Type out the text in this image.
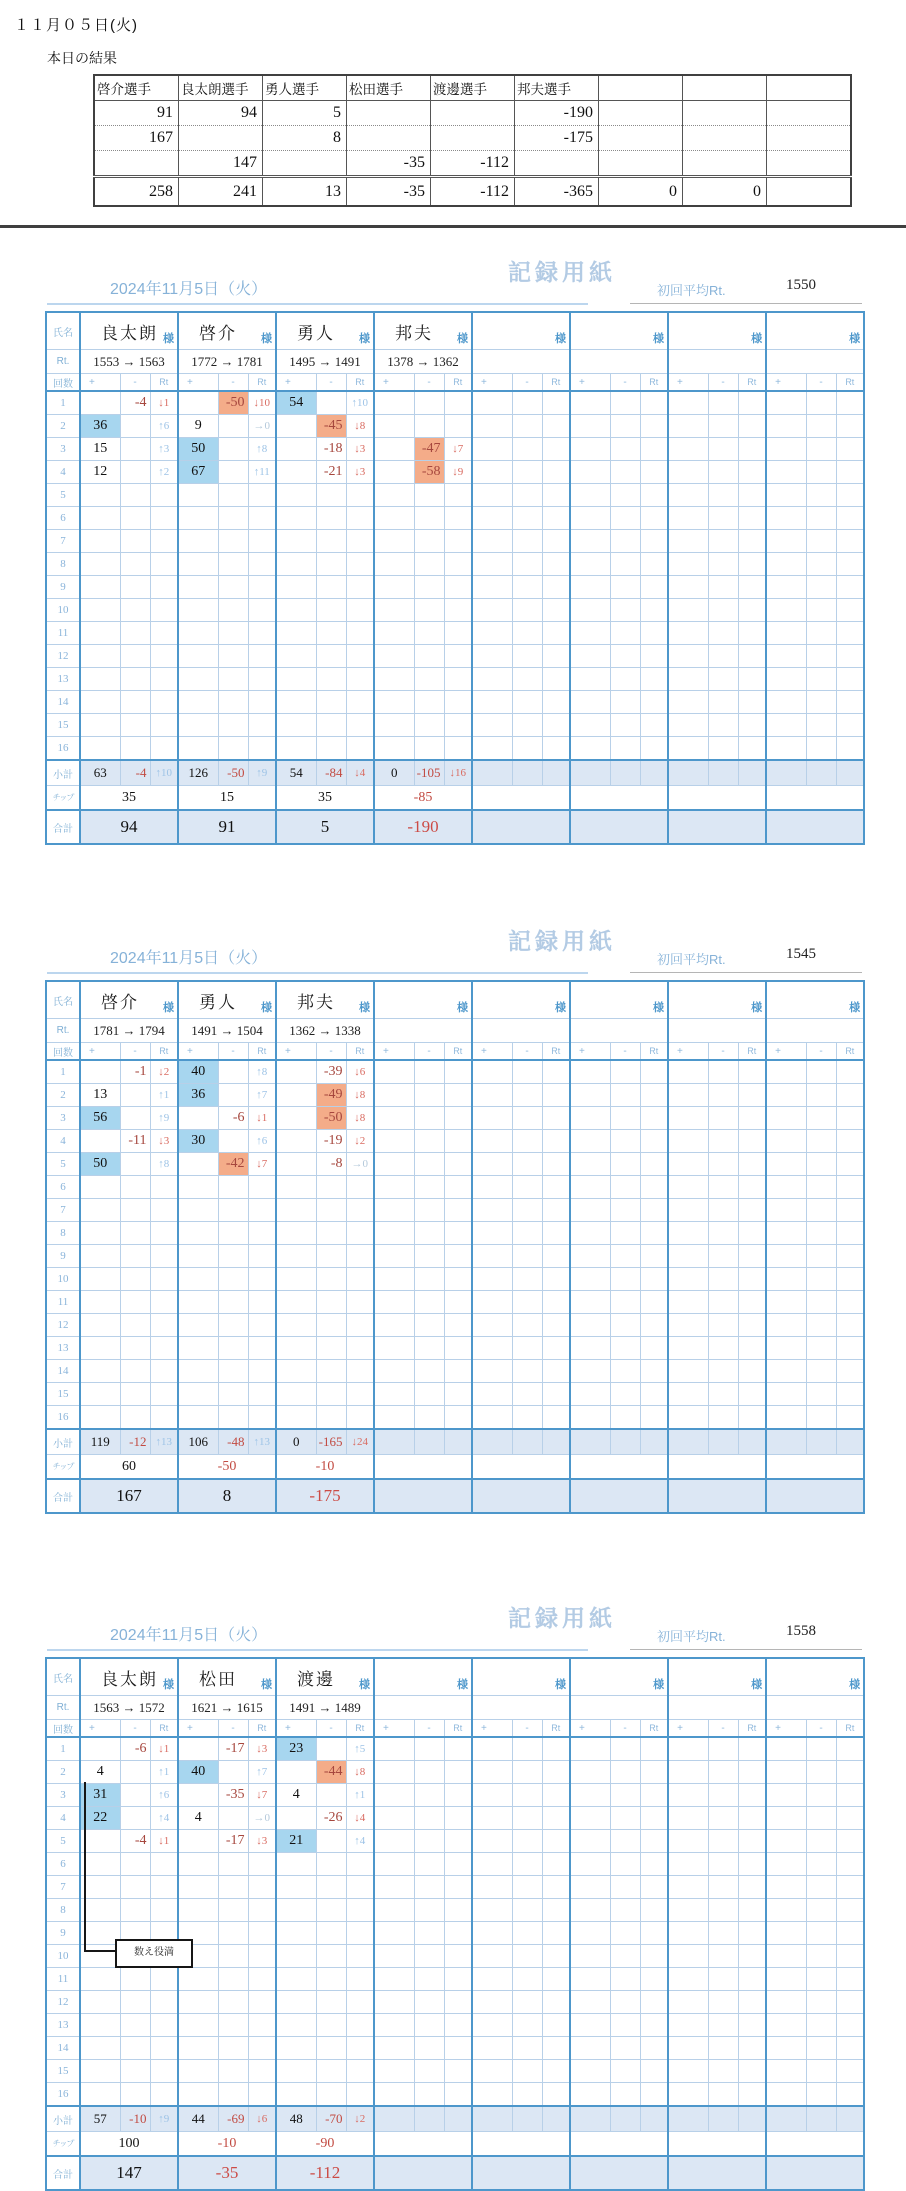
１１月０５日(火)
本日の結果
啓介選手	良太朗選手	勇人選手	松田選手	渡邊選手	邦夫選手			
91	94	5			-190			
167		8			-175			
	147		-35	-112				
258	241	13	-35	-112	-365	0	0	
記録用紙
2024年11月5日（火）	初回平均Rt.	1550
氏名	良太朗 様			啓介 様			勇人 様			邦夫 様			様			様			様			様		

Rt.	1553 → 1563			1772 → 1781			1495 → 1491			1378 → 1362														
回数	+	-	Rt	+	-	Rt	+	-	Rt	+	-	Rt	+	-	Rt	+	-	Rt	+	-	Rt	+	-	Rt
1		-4	↓1		-50	↓10	54		↑10															
2	36		↑6	9		→0		-45	↓8															
3	15		↑3	50		↑8		-18	↓3		-47	↓7												
4	12		↑2	67		↑11		-21	↓3		-58	↓9												
5																								
6																								
7																								
8																								
9																								
10																								
11																								
12																								
13																								
14																								
15																								
16																								
小計	63	-4	↑10	126	-50	↑9	54	-84	↓4	0	-105	↓16												
チップ	35			15			35			-85														
合計	94			91			5			-190														
記録用紙
2024年11月5日（火）	初回平均Rt.	1545
氏名	啓介 様			勇人 様			邦夫 様			様			様			様			様			様		

Rt.	1781 → 1794			1491 → 1504			1362 → 1338																	
回数	+	-	Rt	+	-	Rt	+	-	Rt	+	-	Rt	+	-	Rt	+	-	Rt	+	-	Rt	+	-	Rt
1		-1	↓2	40		↑8		-39	↓6															
2	13		↑1	36		↑7		-49	↓8															
3	56		↑9		-6	↓1		-50	↓8															
4		-11	↓3	30		↑6		-19	↓2															
5	50		↑8		-42	↓7		-8	→0															
6																								
7																								
8																								
9																								
10																								
11																								
12																								
13																								
14																								
15																								
16																								
小計	119	-12	↑13	106	-48	↑13	0	-165	↓24															
チップ	60			-50			-10																	
合計	167			8			-175																	
記録用紙
2024年11月5日（火）	初回平均Rt.	1558
氏名	良太朗 様			松田 様			渡邊 様			様			様			様			様			様		

Rt.	1563 → 1572			1621 → 1615			1491 → 1489																	
回数	+	-	Rt	+	-	Rt	+	-	Rt	+	-	Rt	+	-	Rt	+	-	Rt	+	-	Rt	+	-	Rt
1		-6	↓1		-17	↓3	23		↑5															
2	4		↑1	40		↑7		-44	↓8															
3	31		↑6		-35	↓7	4		↑1															
4	22		↑4	4		→0		-26	↓4															
5		-4	↓1		-17	↓3	21		↑4															
6																								
7																								
8																								
9																								
10																								
11																								
12																								
13																								
14																								
15																								
16																								
小計	57	-10	↑9	44	-69	↓6	48	-70	↓2															
チップ	100			-10			-90																	
合計	147			-35			-112																	
数え役満
